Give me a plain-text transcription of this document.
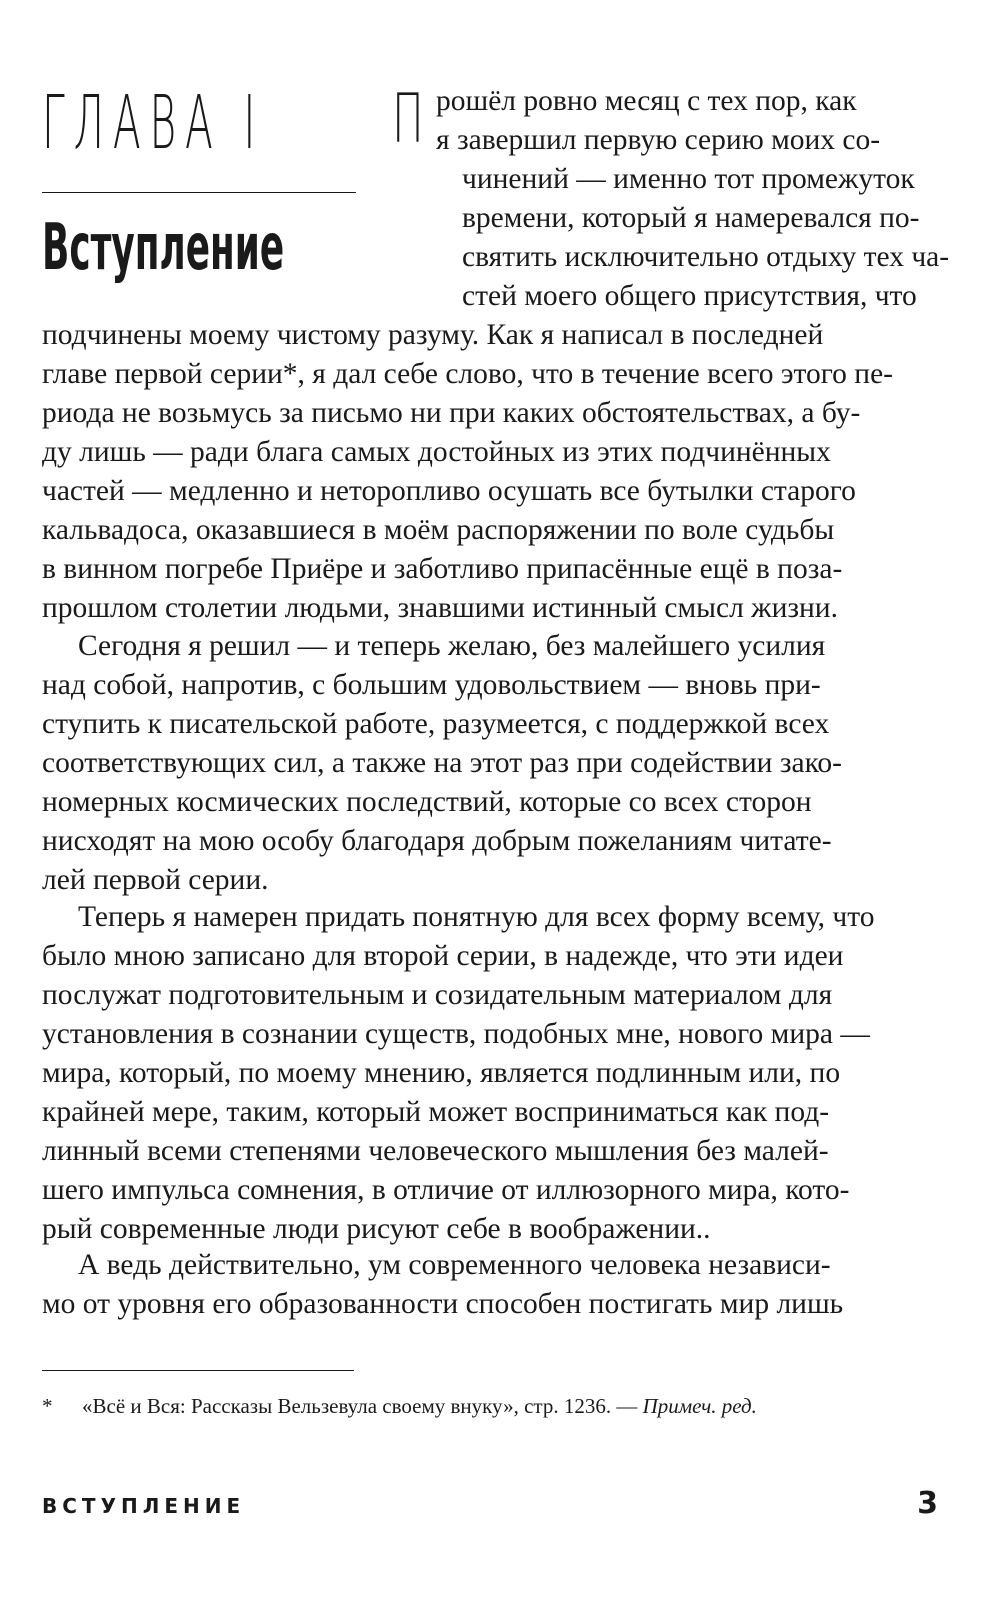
ГЛАВА I
Вступление
П рошёл ровно месяц с тех пор, как
я завершил первую серию моих со-
чинений — именно тот промежуток
времени, который я намеревался по-
святить исключительно отдыху тех ча-
стей моего общего присутствия, что
подчинены моему чистому разуму. Как я написал в последней
главе первой серии*, я дал себе слово, что в течение всего этого пе-
риода не возьмусь за письмо ни при каких обстоятельствах, а бу-
ду лишь — ради блага самых достойных из этих подчинённых
частей — медленно и неторопливо осушать все бутылки старого
кальвадоса, оказавшиеся в моём распоряжении по воле судьбы
в винном погребе Приёре и заботливо припасённые ещё в поза-
прошлом столетии людьми, знавшими истинный смысл жизни.
Сегодня я решил — и теперь желаю, без малейшего усилия
над собой, напротив, с большим удовольствием — вновь при-
ступить к писательской работе, разумеется, с поддержкой всех
соответствующих сил, а также на этот раз при содействии зако-
номерных космических последствий, которые со всех сторон
нисходят на мою особу благодаря добрым пожеланиям читате-
лей первой серии.
Теперь я намерен придать понятную для всех форму всему, что
было мною записано для второй серии, в надежде, что эти идеи
послужат подготовительным и созидательным материалом для
установления в сознании существ, подобных мне, нового мира —
мира, который, по моему мнению, является подлинным или, по
крайней мере, таким, который может восприниматься как под-
линный всеми степенями человеческого мышления без малей-
шего импульса сомнения, в отличие от иллюзорного мира, кото-
рый современные люди рисуют себе в воображении..
А ведь действительно, ум современного человека независи-
мо от уровня его образованности способен постигать мир лишь
* «Всё и Вся: Рассказы Вельзевула своему внуку», стр. 1236. — Примеч. ред.
ВСТУПЛЕНИЕ	3
